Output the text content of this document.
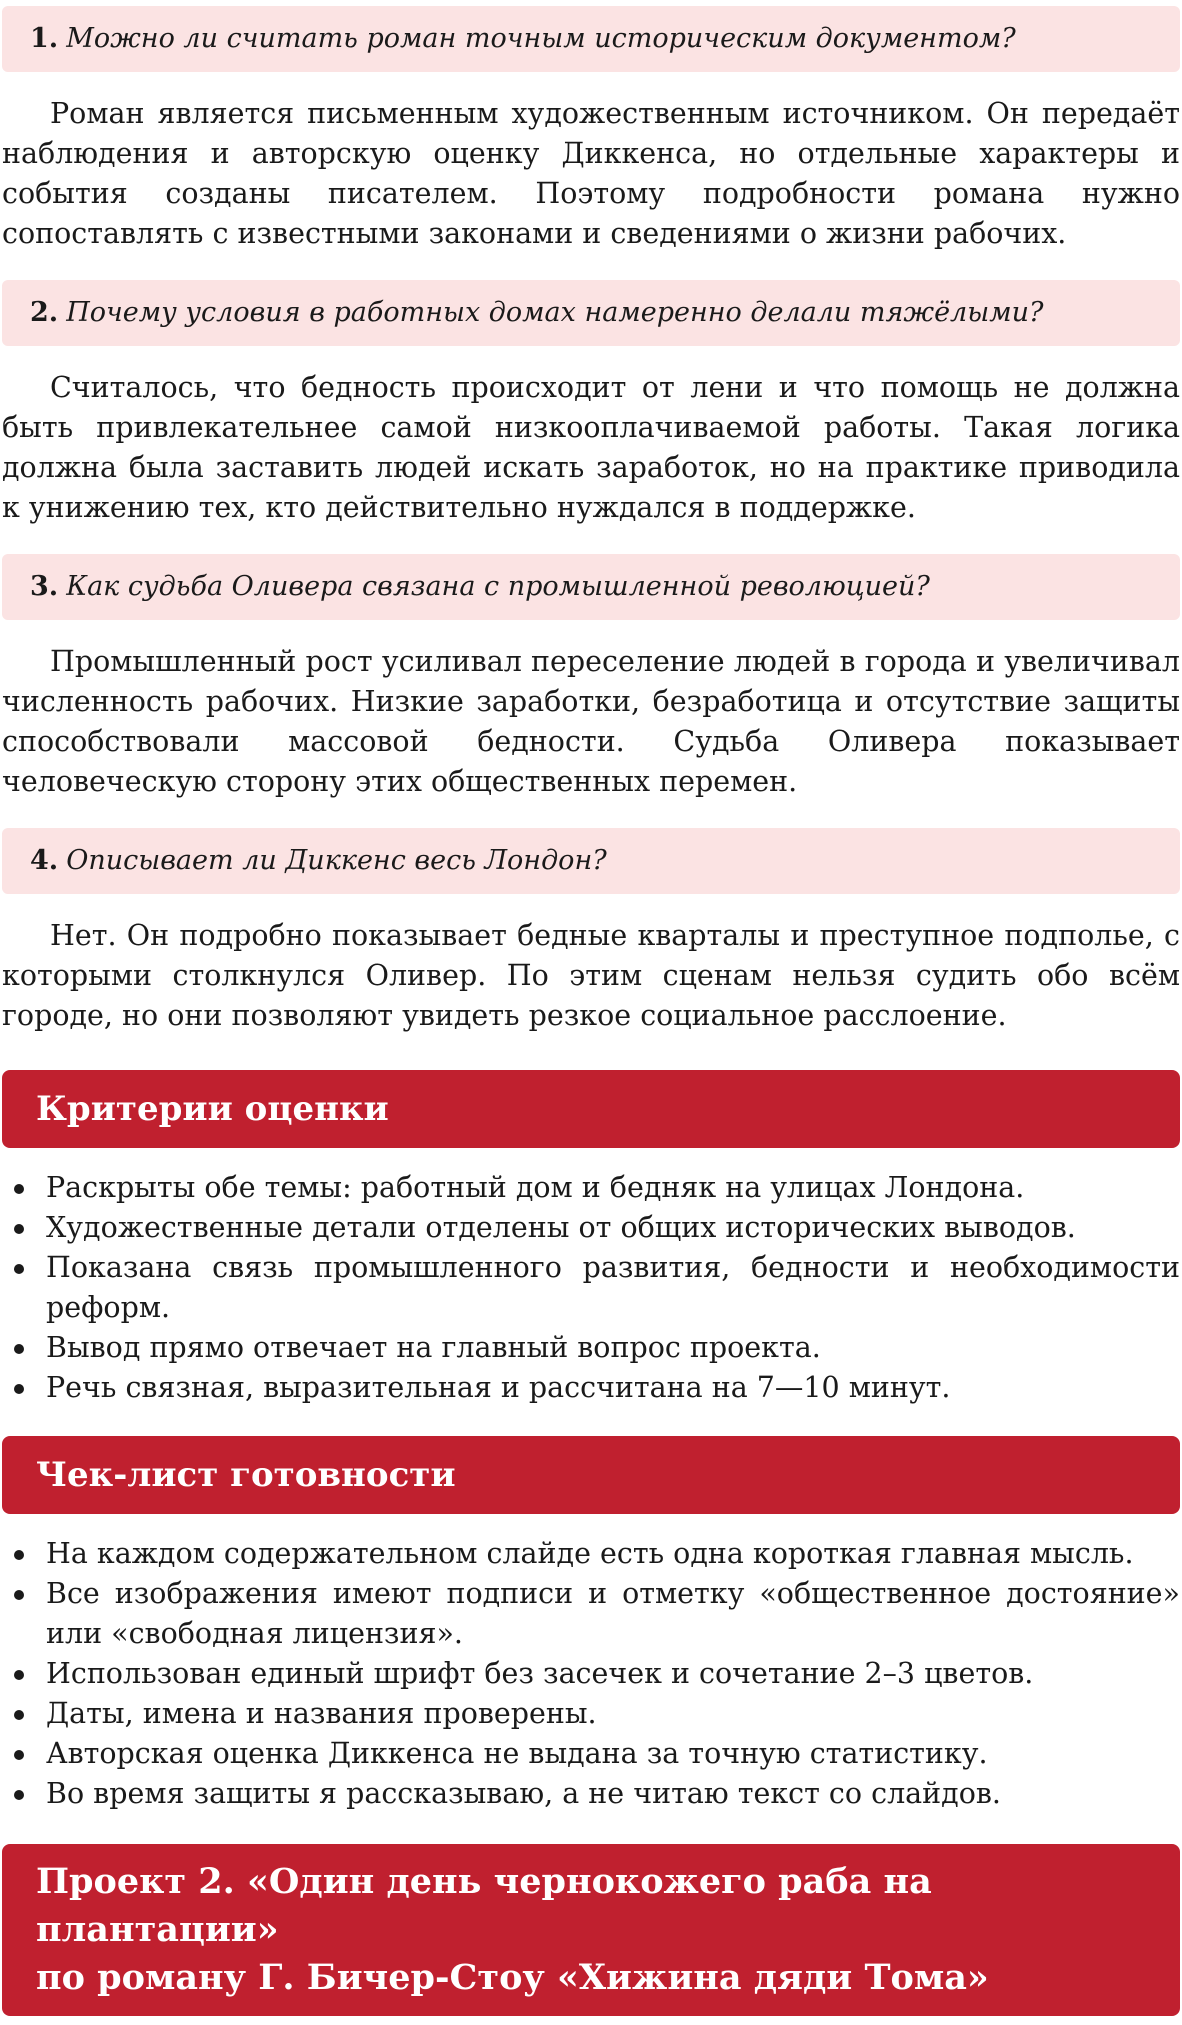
1. Можно ли считать роман точным историческим документом?

Роман является письменным художественным источником. Он передаёт наблюдения и авторскую оценку Диккенса, но отдельные характеры и события созданы писателем. Поэтому подробности романа нужно сопоставлять с известными законами и сведениями о жизни рабочих.

2. Почему условия в работных домах намеренно делали тяжёлыми?

Считалось, что бедность происходит от лени и что помощь не должна быть привлекательнее самой низкооплачиваемой работы. Такая логика должна была заставить людей искать заработок, но на практике приводила к унижению тех, кто действительно нуждался в поддержке.

3. Как судьба Оливера связана с промышленной революцией?

Промышленный рост усиливал переселение людей в города и увеличивал численность рабочих. Низкие заработки, безработица и отсутствие защиты способствовали массовой бедности. Судьба Оливера показывает человеческую сторону этих общественных перемен.

4. Описывает ли Диккенс весь Лондон?

Нет. Он подробно показывает бедные кварталы и преступное подполье, с которыми столкнулся Оливер. По этим сценам нельзя судить обо всём городе, но они позволяют увидеть резкое социальное расслоение.

Критерии оценки
Раскрыты обе темы: работный дом и бедняк на улицах Лондона.
Художественные детали отделены от общих исторических выводов.
Показана связь промышленного развития, бедности и необходимости реформ.
Вывод прямо отвечает на главный вопрос проекта.
Речь связная, выразительная и рассчитана на 7—10 минут.
Чек-лист готовности
На каждом содержательном слайде есть одна короткая главная мысль.
Все изображения имеют подписи и отметку «общественное достояние» или «свободная лицензия».
Использован единый шрифт без засечек и сочетание 2–3 цветов.
Даты, имена и названия проверены.
Авторская оценка Диккенса не выдана за точную статистику.
Во время защиты я рассказываю, а не читаю текст со слайдов.
Проект 2. «Один день чернокожего раба на плантации»
по роману Г. Бичер-Стоу «Хижина дяди Тома»
